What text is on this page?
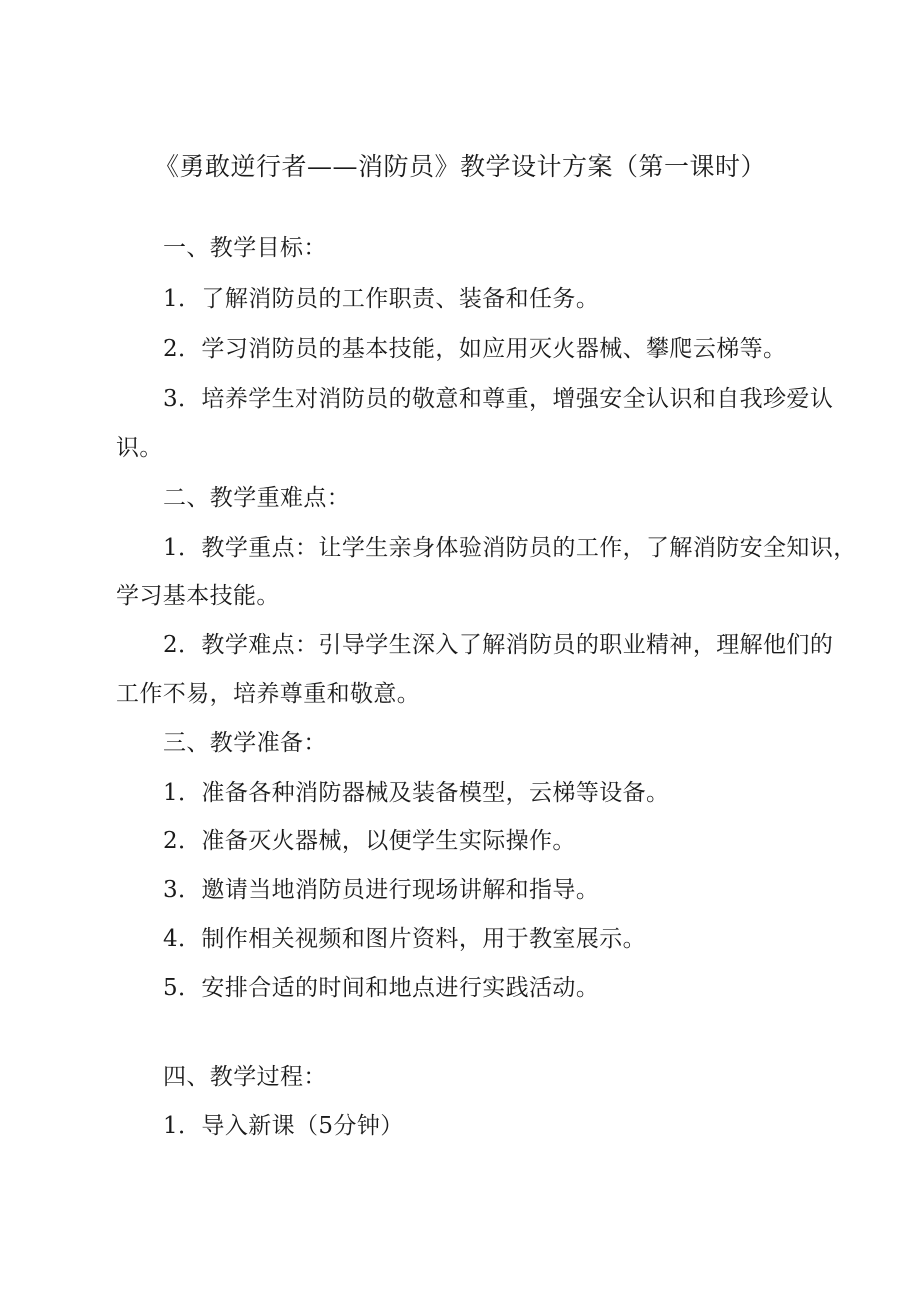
《勇敢逆行者——消防员》教学设计方案（第一课时）
一、教学目标：
1．了解消防员的工作职责、装备和任务。
2．学习消防员的基本技能，如应用灭火器械、攀爬云梯等。
3．培养学生对消防员的敬意和尊重，增强安全认识和自我珍爱认
识。
二、教学重难点：
1．教学重点：让学生亲身体验消防员的工作，了解消防安全知识，
学习基本技能。
2．教学难点：引导学生深入了解消防员的职业精神，理解他们的
工作不易，培养尊重和敬意。
三、教学准备：
1．准备各种消防器械及装备模型，云梯等设备。
2．准备灭火器械，以便学生实际操作。
3．邀请当地消防员进行现场讲解和指导。
4．制作相关视频和图片资料，用于教室展示。
5．安排合适的时间和地点进行实践活动。
四、教学过程：
1．导入新课（5分钟）
